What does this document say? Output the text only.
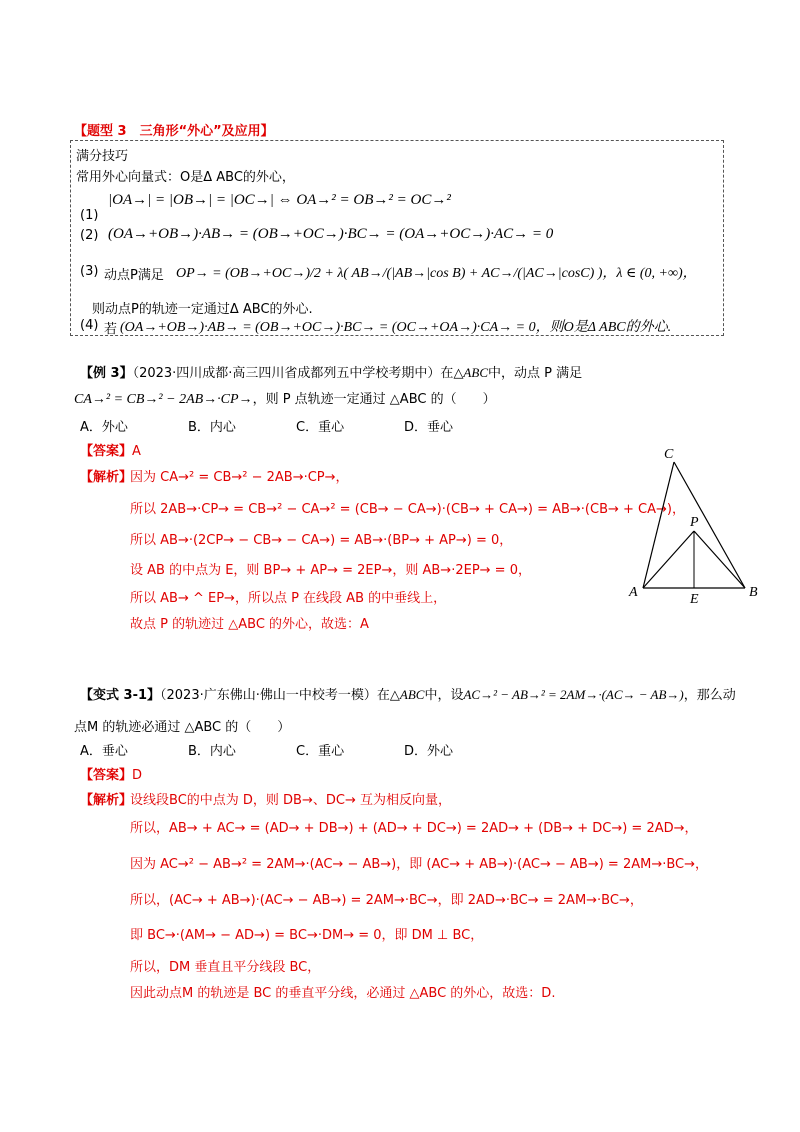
【题型 3　三角形“外心”及应用】
满分技巧
常用外心向量式：O是Δ ABC的外心，
(1)
|OA→| = |OB→| = |OC→| ⇔ OA→² = OB→² = OC→²
(2) (OA→+OB→)·AB→ = (OB→+OC→)·BC→ = (OA→+OC→)·AC→ = 0
(3) 动点P满足 OP→ = (OB→+OC→)/2 + λ( AB→/(|AB→|cos B) + AC→/(|AC→|cosC) )，λ ∈ (0, +∞)，
则动点P的轨迹一定通过Δ ABC的外心.
(4) 若 (OA→+OB→)·AB→ = (OB→+OC→)·BC→ = (OC→+OA→)·CA→ = 0，则O是Δ ABC的外心.
【例 3】（2023·四川成都·高三四川省成都列五中学校考期中）在△ABC中，动点 P 满足
CA→² = CB→² − 2AB→·CP→，则 P 点轨迹一定通过 △ABC 的（　　）
A．外心	B．内心	C．重心	D．垂心
【答案】A
【解析】
因为 CA→² = CB→² − 2AB→·CP→，
所以 2AB→·CP→ = CB→² − CA→² = (CB→ − CA→)·(CB→ + CA→) = AB→·(CB→ + CA→)，
所以 AB→·(2CP→ − CB→ − CA→) = AB→·(BP→ + AP→) = 0，
设 AB 的中点为 E，则 BP→ + AP→ = 2EP→，则 AB→·2EP→ = 0，
所以 AB→ ^ EP→，所以点 P 在线段 AB 的中垂线上，
故点 P 的轨迹过 △ABC 的外心，故选：A
C
P
A	E	B
【变式 3-1】（2023·广东佛山·佛山一中校考一模）在△ABC中，设AC→² − AB→² = 2AM→·(AC→ − AB→)，那么动
点M 的轨迹必通过 △ABC 的（　　）
A．垂心	B．内心	C．重心	D．外心
【答案】D
【解析】
设线段BC的中点为 D，则 DB→、DC→ 互为相反向量，
所以，AB→ + AC→ = (AD→ + DB→) + (AD→ + DC→) = 2AD→ + (DB→ + DC→) = 2AD→，
因为 AC→² − AB→² = 2AM→·(AC→ − AB→)，即 (AC→ + AB→)·(AC→ − AB→) = 2AM→·BC→，
所以，(AC→ + AB→)·(AC→ − AB→) = 2AM→·BC→，即 2AD→·BC→ = 2AM→·BC→，
即 BC→·(AM→ − AD→) = BC→·DM→ = 0，即 DM ⊥ BC，
所以，DM 垂直且平分线段 BC，
因此动点M 的轨迹是 BC 的垂直平分线，必通过 △ABC 的外心，故选：D.
